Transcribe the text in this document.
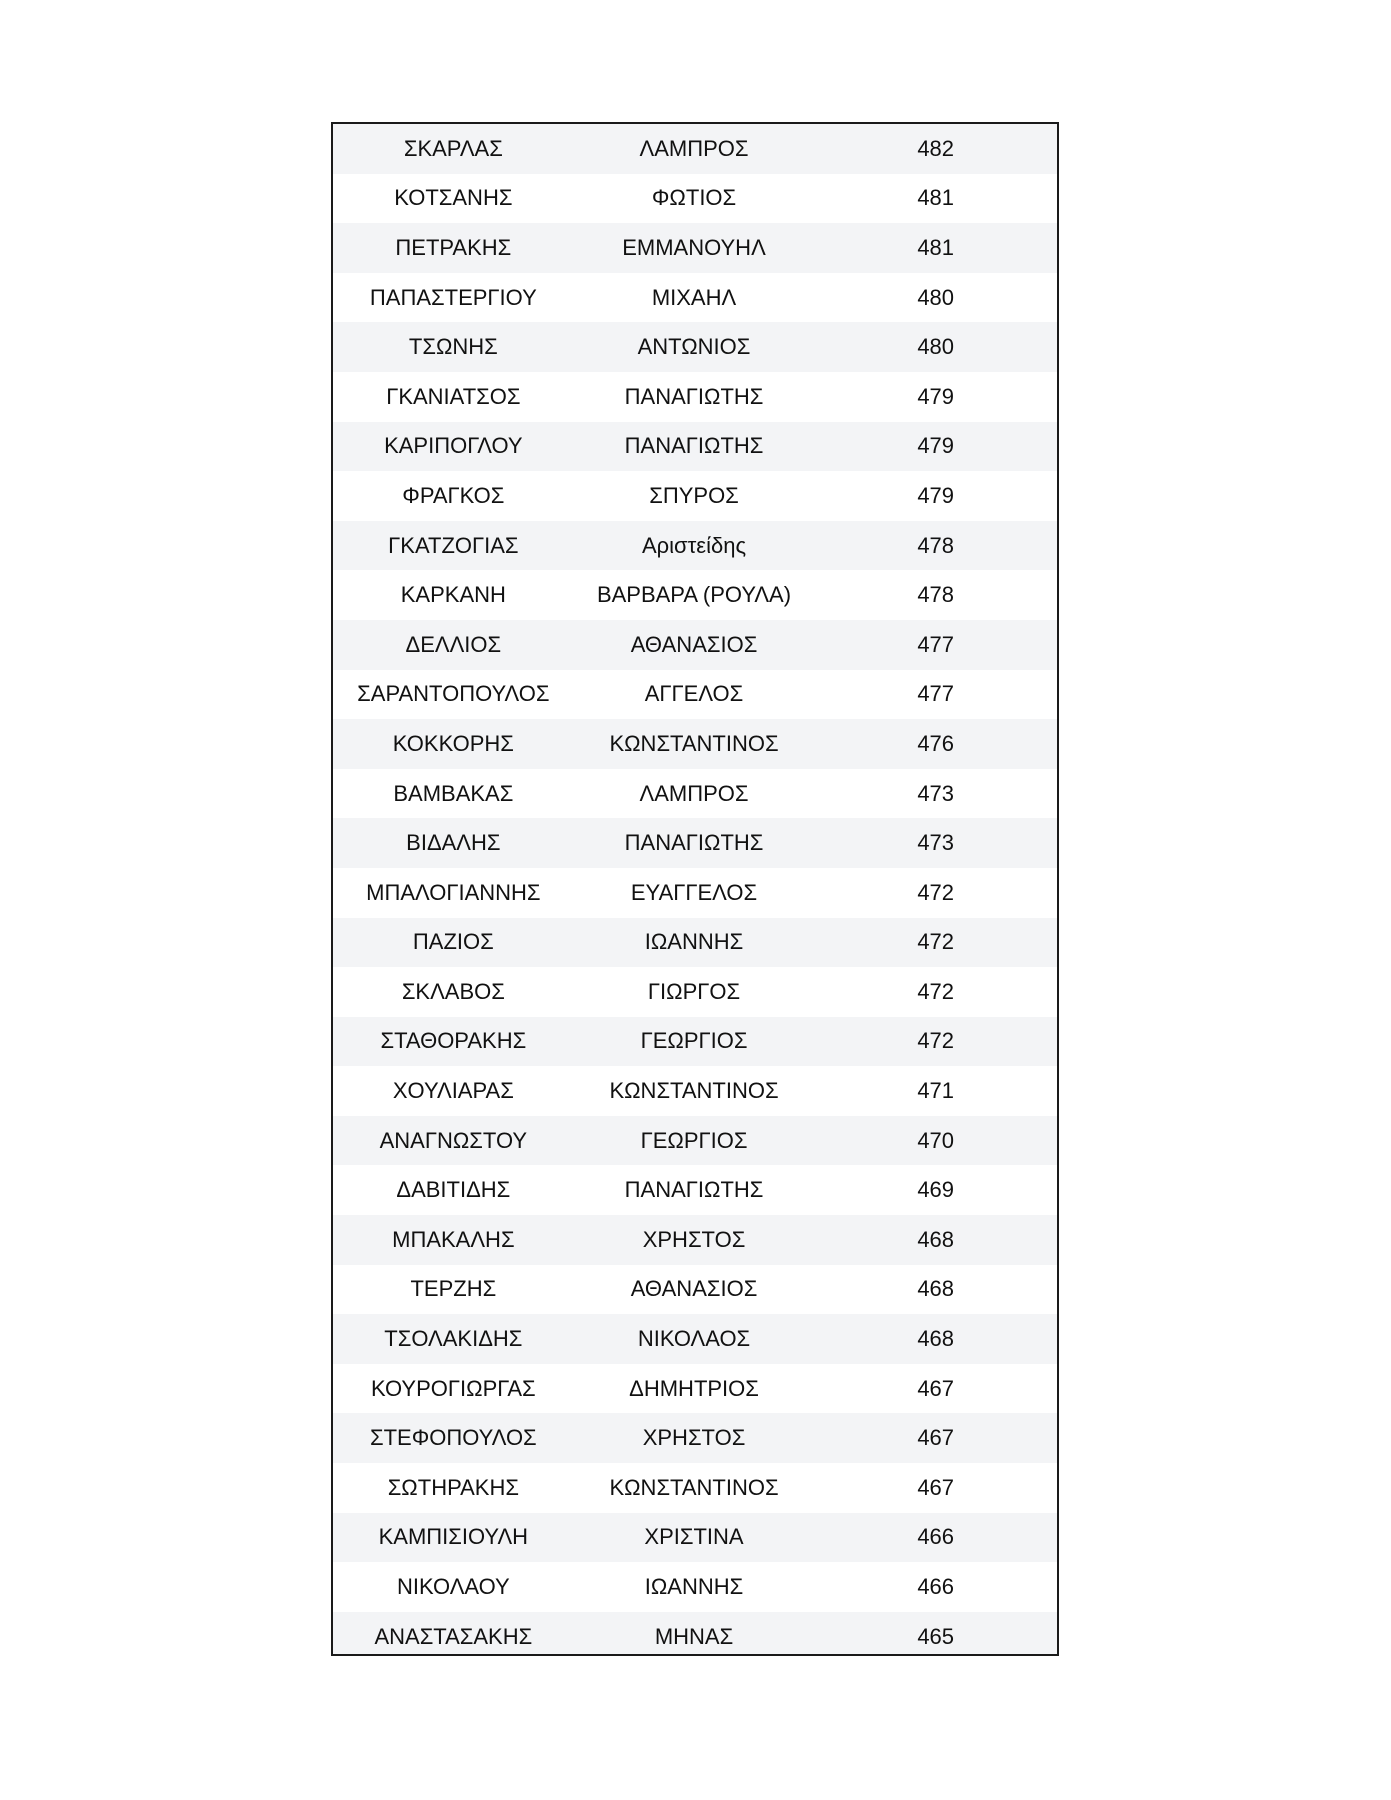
ΣΚΑΡΛΑΣ	ΛΑΜΠΡΟΣ	482
ΚΟΤΣΑΝΗΣ	ΦΩΤΙΟΣ	481
ΠΕΤΡΑΚΗΣ	ΕΜΜΑΝΟΥΗΛ	481
ΠΑΠΑΣΤΕΡΓΙΟΥ	ΜΙΧΑΗΛ	480
ΤΣΩΝΗΣ	ΑΝΤΩΝΙΟΣ	480
ΓΚΑΝΙΑΤΣΟΣ	ΠΑΝΑΓΙΩΤΗΣ	479
ΚΑΡΙΠΟΓΛΟΥ	ΠΑΝΑΓΙΩΤΗΣ	479
ΦΡΑΓΚΟΣ	ΣΠΥΡΟΣ	479
ΓΚΑΤΖΟΓΙΑΣ	Αριστείδης	478
ΚΑΡΚΑΝΗ	ΒΑΡΒΑΡΑ (ΡΟΥΛΑ)	478
ΔΕΛΛΙΟΣ	ΑΘΑΝΑΣΙΟΣ	477
ΣΑΡΑΝΤΟΠΟΥΛΟΣ	ΑΓΓΕΛΟΣ	477
ΚΟΚΚΟΡΗΣ	ΚΩΝΣΤΑΝΤΙΝΟΣ	476
ΒΑΜΒΑΚΑΣ	ΛΑΜΠΡΟΣ	473
ΒΙΔΑΛΗΣ	ΠΑΝΑΓΙΩΤΗΣ	473
ΜΠΑΛΟΓΙΑΝΝΗΣ	ΕΥΑΓΓΕΛΟΣ	472
ΠΑΖΙΟΣ	ΙΩΑΝΝΗΣ	472
ΣΚΛΑΒΟΣ	ΓΙΩΡΓΟΣ	472
ΣΤΑΘΟΡΑΚΗΣ	ΓΕΩΡΓΙΟΣ	472
ΧΟΥΛΙΑΡΑΣ	ΚΩΝΣΤΑΝΤΙΝΟΣ	471
ΑΝΑΓΝΩΣΤΟΥ	ΓΕΩΡΓΙΟΣ	470
ΔΑΒΙΤΙΔΗΣ	ΠΑΝΑΓΙΩΤΗΣ	469
ΜΠΑΚΑΛΗΣ	ΧΡΗΣΤΟΣ	468
ΤΕΡΖΗΣ	ΑΘΑΝΑΣΙΟΣ	468
ΤΣΟΛΑΚΙΔΗΣ	ΝΙΚΟΛΑΟΣ	468
ΚΟΥΡΟΓΙΩΡΓΑΣ	ΔΗΜΗΤΡΙΟΣ	467
ΣΤΕΦΟΠΟΥΛΟΣ	ΧΡΗΣΤΟΣ	467
ΣΩΤΗΡΑΚΗΣ	ΚΩΝΣΤΑΝΤΙΝΟΣ	467
ΚΑΜΠΙΣΙΟΥΛΗ	ΧΡΙΣΤΙΝΑ	466
ΝΙΚΟΛΑΟΥ	ΙΩΑΝΝΗΣ	466
ΑΝΑΣΤΑΣΑΚΗΣ	ΜΗΝΑΣ	465
